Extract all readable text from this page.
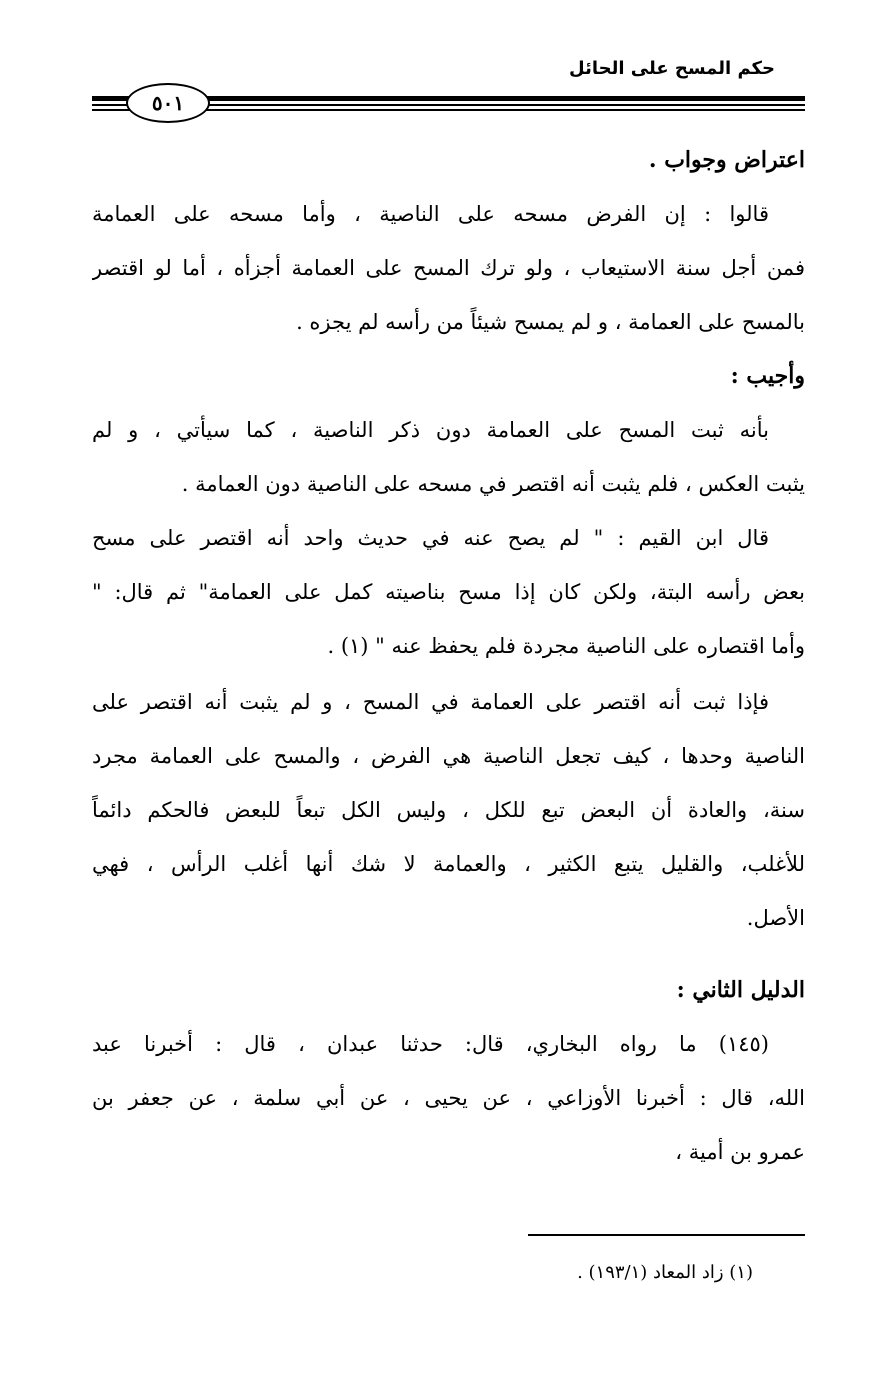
حكم المسح على الحائل
٥٠١
اعتراض وجواب .
قالوا : إن الفرض مسحه على الناصية ، وأما مسحه على العمامة
فمن أجل سنة الاستيعاب ، ولو ترك المسح على العمامة أجزأه ، أما لو اقتصر
بالمسح على العمامة ، و لم يمسح شيئاً من رأسه لم يجزه .
وأجيب :
بأنه ثبت المسح على العمامة دون ذكر الناصية ، كما سيأتي ، و لم
يثبت العكس ، فلم يثبت أنه اقتصر في مسحه على الناصية دون العمامة .
قال ابن القيم : " لم يصح عنه في حديث واحد أنه اقتصر على مسح
بعض رأسه البتة، ولكن كان إذا مسح بناصيته كمل على العمامة" ثم قال: "
وأما اقتصاره على الناصية مجردة فلم يحفظ عنه " (١) .
فإذا ثبت أنه اقتصر على العمامة في المسح ، و لم يثبت أنه اقتصر على
الناصية وحدها ، كيف تجعل الناصية هي الفرض ، والمسح على العمامة مجرد
سنة، والعادة أن البعض تبع للكل ، وليس الكل تبعاً للبعض فالحكم دائماً
للأغلب، والقليل يتبع الكثير ، والعمامة لا شك أنها أغلب الرأس ، فهي
الأصل.
الدليل الثاني :
(١٤٥) ما رواه البخاري، قال: حدثنا عبدان ، قال : أخبرنا عبد
الله، قال : أخبرنا الأوزاعي ، عن يحيى ، عن أبي سلمة ، عن جعفر بن
عمرو بن أمية ،
(١) زاد المعاد (١٩٣/١) .
